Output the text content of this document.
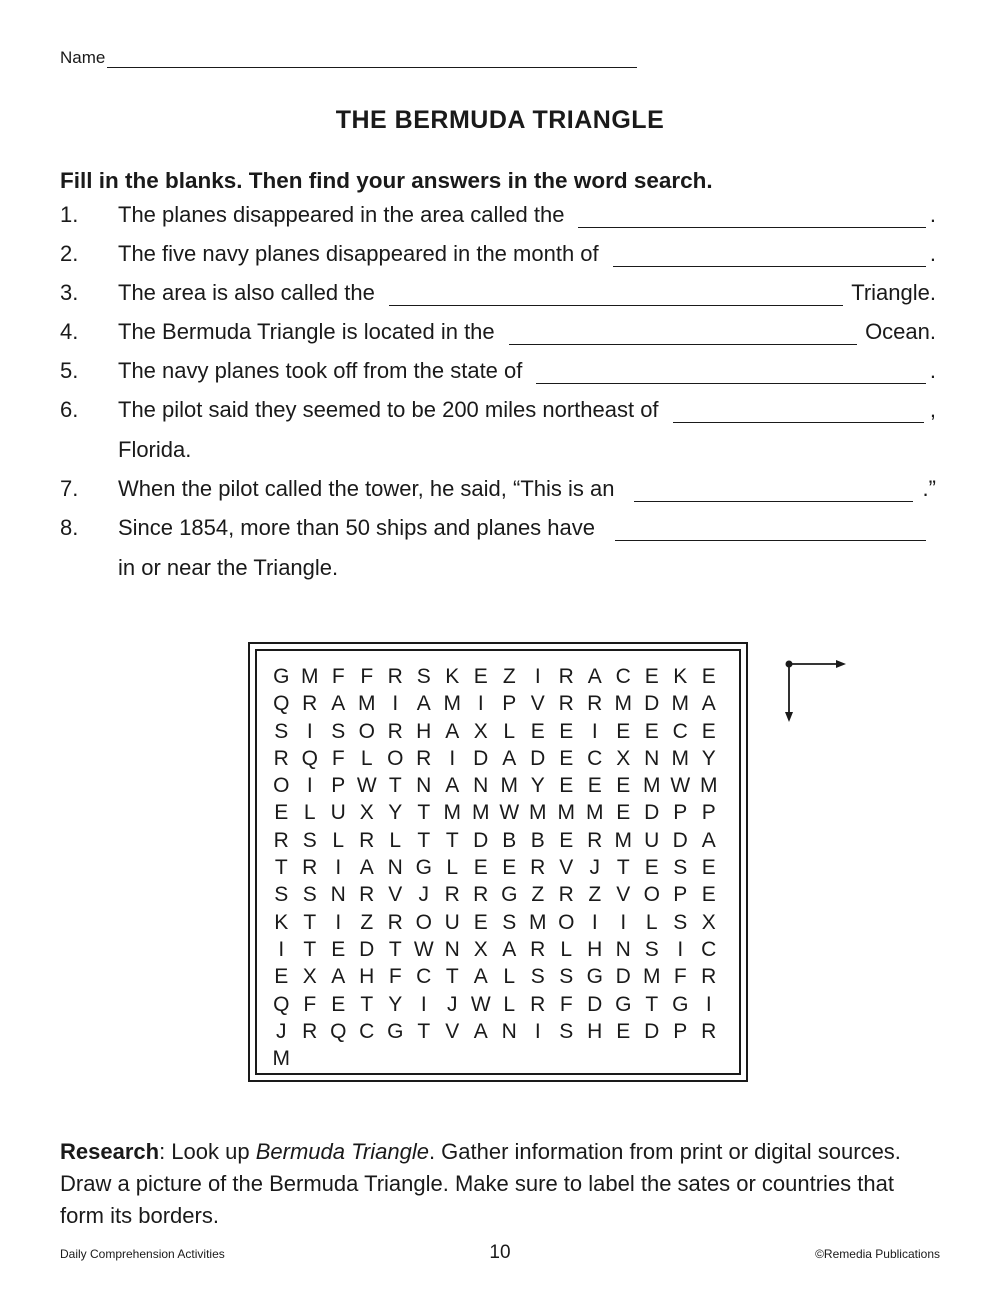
Name
THE BERMUDA TRIANGLE
Fill in the blanks. Then find your answers in the word search.
1. The planes disappeared in the area called the	.
2. The five navy planes disappeared in the month of	.
3. The area is also called the	Triangle.
4. The Bermuda Triangle is located in the	Ocean.
5. The navy planes took off from the state of	.
6. The pilot said they seemed to be 200 miles northeast of	,
Florida.
7. When the pilot called the tower, he said, “This is an	.”
8. Since 1854, more than 50 ships and planes have
in or near the Triangle.
G M F F R S K E Z I R A C E K E
Q R A M I A M I P V R R M D M A
S I S O R H A X L E E I E E C E
R Q F L O R I D A D E C X N M Y
O I P W T N A N M Y E E E M W M
E L U X Y T M M W M M M E D P P
R S L R L T T D B B E R M U D A
T R I A N G L E E R V J T E S E
S S N R V J R R G Z R Z V O P E
K T I Z R O U E S M O I	I L S X
I T E D T W N X A R L H N S I C
E X A H F C T A L S S G D M F R
Q F E T Y I J W L R F D G T G I
J R Q C G T V A N I S H E D P R
M
Research: Look up Bermuda Triangle. Gather information from print or digital sources. Draw a picture of the Bermuda Triangle. Make sure to label the sates or countries that form its borders.
Daily Comprehension Activities	10	©Remedia Publications
